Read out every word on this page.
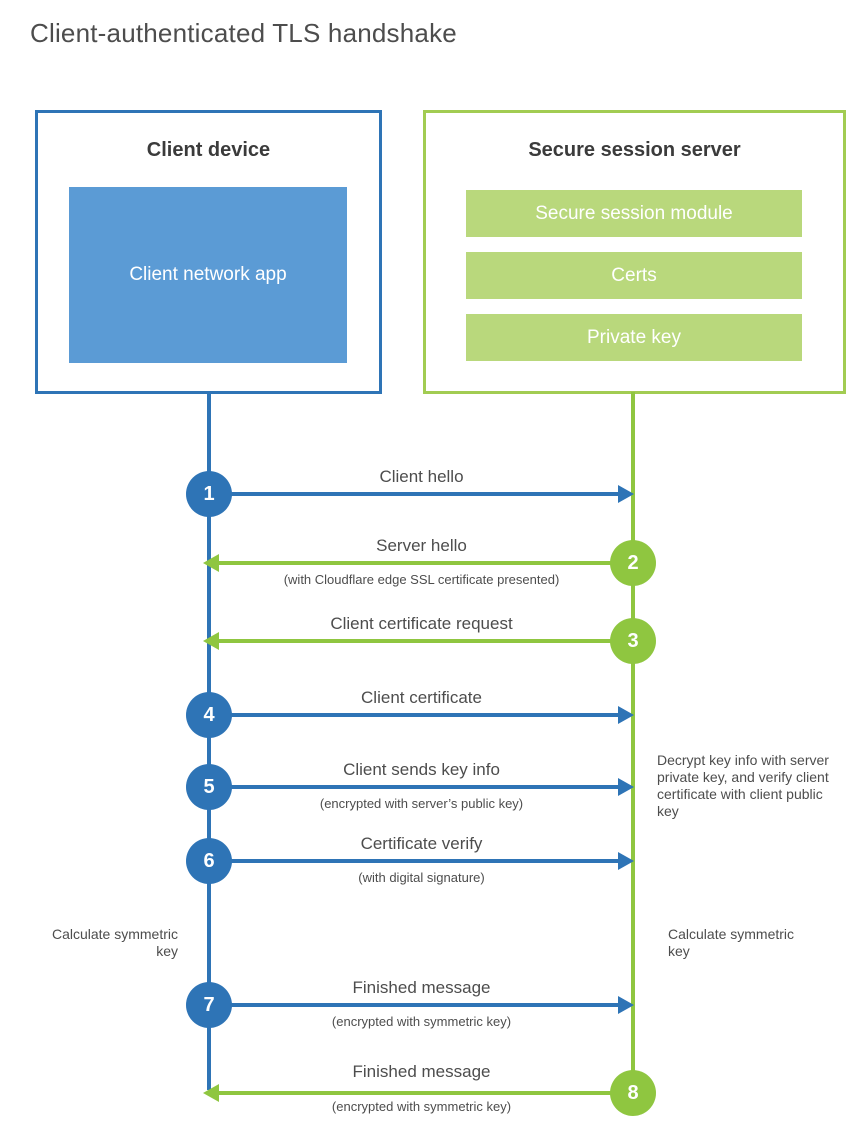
Client-authenticated TLS handshake
Client device
Client network app
Secure session server
Secure session module
Certs
Private key
Client hello
1
Server hello
(with Cloudflare edge SSL certificate presented)
2
Client certificate request
3
Client certificate
4
Client sends key info
(encrypted with server’s public key)
5
Certificate verify
(with digital signature)
6
Decrypt key info with server private key, and verify client certificate with client public key
Calculate symmetric key
Calculate symmetric key
Finished message
(encrypted with symmetric key)
7
Finished message
(encrypted with symmetric key)
8
